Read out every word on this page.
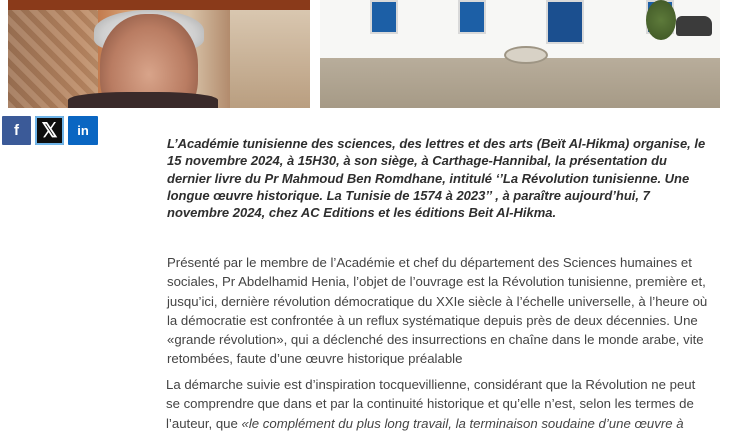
f 𝕏 in

L’Académie tunisienne des sciences, des lettres et des arts (Beït Al-Hikma) organise, le 15 novembre 2024, à 15H30, à son siège, à Carthage-Hannibal, la présentation du dernier livre du Pr Mahmoud Ben Romdhane, intitulé ‘’La Révolution tunisienne. Une longue œuvre historique. La Tunisie de 1574 à 2023’’ , à paraître aujourd’hui, 7 novembre 2024, chez AC Editions et les éditions Beit Al-Hikma.

Présenté par le membre de l’Académie et chef du département des Sciences humaines et sociales, Pr Abdelhamid Henia, l’objet de l’ouvrage est la Révolution tunisienne, première et, jusqu’ici, dernière révolution démocratique du XXIe siècle à l’échelle universelle, à l’heure où la démocratie est confrontée à un reflux systématique depuis près de deux décennies. Une «grande révolution», qui a déclenché des insurrections en chaîne dans le monde arabe, vite retombées, faute d’une œuvre historique préalable

La démarche suivie est d’inspiration tocquevillienne, considérant que la Révolution ne peut se comprendre que dans et par la continuité historique et qu’elle n’est, selon les termes de l’auteur, que «le complément du plus long travail, la terminaison soudaine d’une œuvre à
